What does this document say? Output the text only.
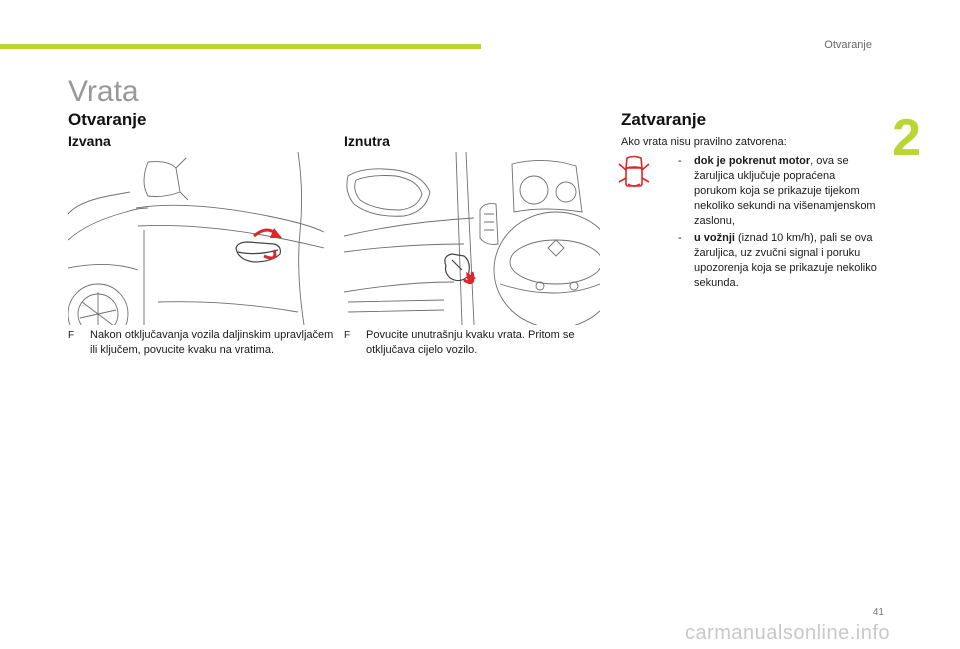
Otvaranje
2
Vrata
Otvaranje
Izvana	Iznutra
Zatvaranje
F Nakon otključavanja vozila daljinskim upravljačem ili ključem, povucite kvaku na vratima.
F Povucite unutrašnju kvaku vrata. Pritom se otključava cijelo vozilo.
Ako vrata nisu pravilno zatvorena:
- dok je pokrenut motor, ova se žaruljica uključuje popraćena porukom koja se prikazuje tijekom nekoliko sekundi na višenamjenskom zaslonu,
- u vožnji (iznad 10 km/h), pali se ova žaruljica, uz zvučni signal i poruku upozorenja koja se prikazuje nekoliko sekunda.
41
carmanualsonline.info
